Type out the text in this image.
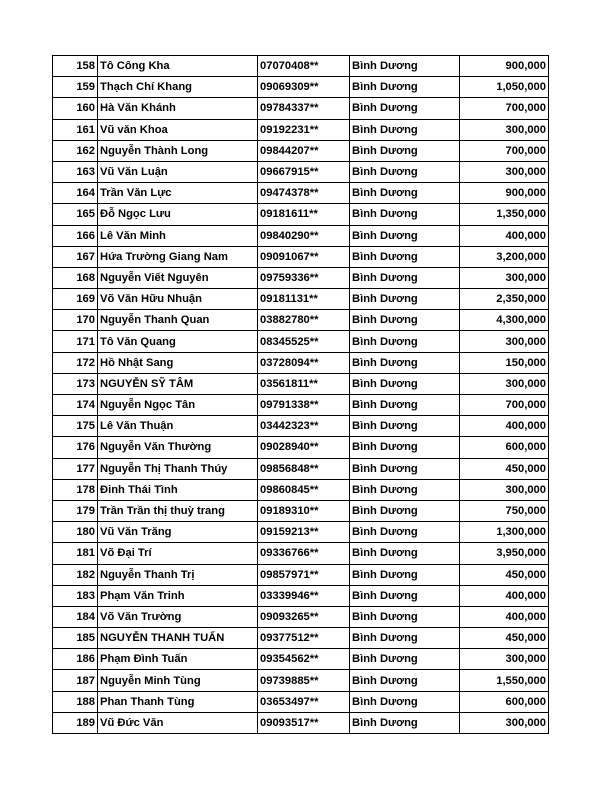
158	Tô Công Kha	07070408**	Bình Dương	900,000
159	Thạch Chí Khang	09069309**	Bình Dương	1,050,000
160	Hà Văn Khánh	09784337**	Bình Dương	700,000
161	Vũ văn Khoa	09192231**	Bình Dương	300,000
162	Nguyễn Thành Long	09844207**	Bình Dương	700,000
163	Vũ Văn Luận	09667915**	Bình Dương	300,000
164	Trần Văn Lực	09474378**	Bình Dương	900,000
165	Đỗ Ngọc Lưu	09181611**	Bình Dương	1,350,000
166	Lê Văn Minh	09840290**	Bình Dương	400,000
167	Hứa Trường Giang Nam	09091067**	Bình Dương	3,200,000
168	Nguyễn Viết Nguyên	09759336**	Bình Dương	300,000
169	Võ Văn Hữu Nhuận	09181131**	Bình Dương	2,350,000
170	Nguyễn Thanh Quan	03882780**	Bình Dương	4,300,000
171	Tô Văn Quang	08345525**	Bình Dương	300,000
172	Hồ Nhật Sang	03728094**	Bình Dương	150,000
173	NGUYỄN SỸ TÂM	03561811**	Bình Dương	300,000
174	Nguyễn Ngọc Tân	09791338**	Bình Dương	700,000
175	Lê Văn Thuận	03442323**	Bình Dương	400,000
176	Nguyễn Văn Thường	09028940**	Bình Dương	600,000
177	Nguyễn Thị Thanh Thúy	09856848**	Bình Dương	450,000
178	Đinh Thái Tình	09860845**	Bình Dương	300,000
179	Trần Trần thị thuỳ trang	09189310**	Bình Dương	750,000
180	Vũ Văn Trăng	09159213**	Bình Dương	1,300,000
181	Võ Đại Trí	09336766**	Bình Dương	3,950,000
182	Nguyễn Thanh Trị	09857971**	Bình Dương	450,000
183	Phạm Văn Trinh	03339946**	Bình Dương	400,000
184	Võ Văn Trường	09093265**	Bình Dương	400,000
185	NGUYỄN THANH TUẤN	09377512**	Bình Dương	450,000
186	Phạm Đình Tuấn	09354562**	Bình Dương	300,000
187	Nguyễn Minh Tùng	09739885**	Bình Dương	1,550,000
188	Phan Thanh Tùng	03653497**	Bình Dương	600,000
189	Vũ Đức Văn	09093517**	Bình Dương	300,000
